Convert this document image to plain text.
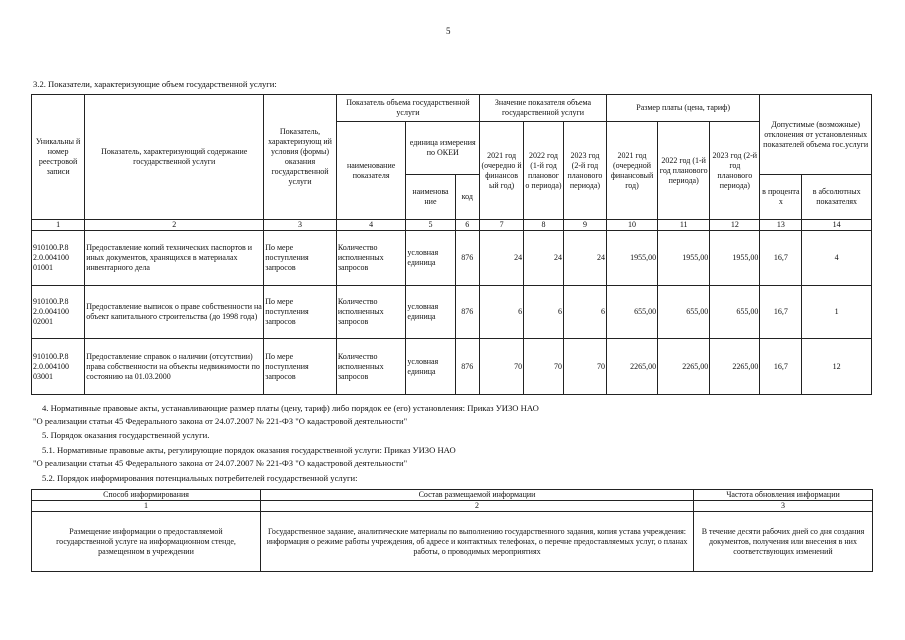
5
3.2. Показатели, характеризующие объем государственной услуги:
Уникальны й номер реестровой записи	Показатель, характеризующий содержание государственной услуги	Показатель, характеризующ ий условия (формы) оказания государственной услуги	Показатель объема государственной услуги			Значение показателя объема государственной услуги			Размер платы (цена, тариф)			Допустимые (возможные) отклонения от установленных показателей объема гос.услуги	
			наименование показателя	единица измерения по ОКЕИ		2021 год (очередно й финансов ый год)	2022 год (1-й год плановог о периода)	2023 год (2-й год планового периода)	2021 год (очередной финансовый год)	2022 год (1-й год планового периода)	2023 год (2-й год планового периода)		
				наименова ние	код							в процента х	в абсолютных показателях
1	2	3	4	5	6	7	8	9	10	11	12	13	14
910100.Р.8 2.0.004100 01001	Предоставление копий технических паспортов и иных документов, хранящихся в материалах инвентарного дела	По мере поступления запросов	Количество исполненных запросов	условная единица	876	24	24	24	1955,00	1955,00	1955,00	16,7	4
910100.Р.8 2.0.004100 02001	Предоставление выписок о праве собственности на объект капитального строительства (до 1998 года)	По мере поступления запросов	Количество исполненных запросов	условная единица	876	6	6	6	655,00	655,00	655,00	16,7	1
910100.Р.8 2.0.004100 03001	Предоставление справок о наличии (отсутствии) права собственности на объекты недвижимости по состоянию на 01.03.2000	По мере поступления запросов	Количество исполненных запросов	условная единица	876	70	70	70	2265,00	2265,00	2265,00	16,7	12
4. Нормативные правовые акты, устанавливающие размер платы (цену, тариф) либо порядок ее (его) установления: Приказ УИЗО НАО
"О реализации статьи 45 Федерального закона от 24.07.2007 № 221-ФЗ "О кадастровой деятельности"
5. Порядок оказания государственной услуги.
5.1. Нормативные правовые акты, регулирующие порядок оказания государственной услуги: Приказ УИЗО НАО
"О реализации статьи 45 Федерального закона от 24.07.2007 № 221-ФЗ "О кадастровой деятельности"
5.2. Порядок информирования потенциальных потребителей государственной услуги:
Способ информирования	Состав размещаемой информации	Частота обновления информации
1	2	3
Размещение информации о предоставляемой государственной услуге на информационном стенде, размещенном в учреждении	Государственное задание, аналитические материалы по выполнению государственного задания, копия устава учреждения: информация о режиме работы учреждения, об адресе и контактных телефонах, о перечне предоставляемых услуг, о планах работы, о проводимых мероприятиях	В течение десяти рабочих дней со дня создания документов, получения или внесения в них соответствующих изменений
